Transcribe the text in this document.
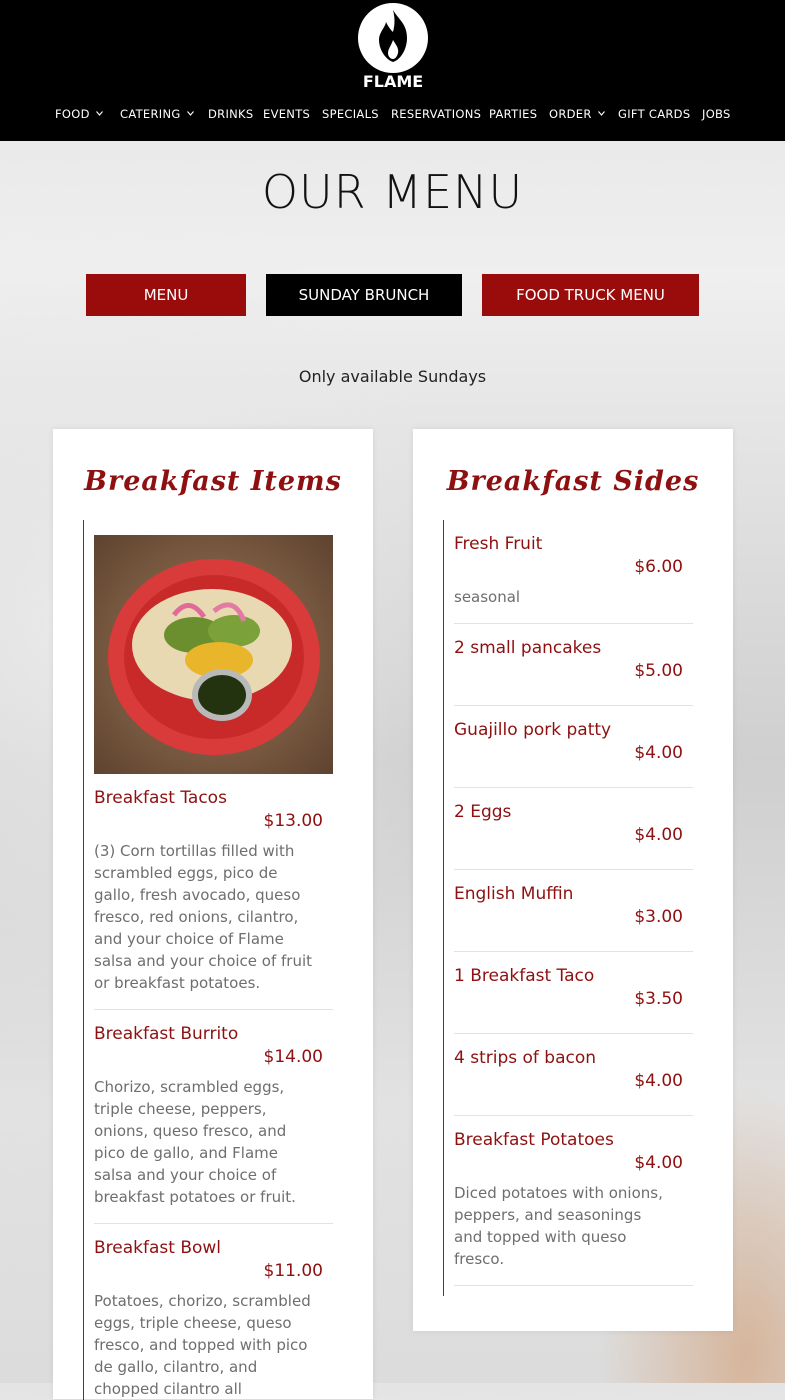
FLAME
FOOD	CATERING	DRINKS EVENTS SPECIALS RESERVATIONS PARTIES ORDER	GIFT CARDS JOBS
OUR MENU
MENU	SUNDAY BRUNCH	FOOD TRUCK MENU
Only available Sundays
Breakfast Items
Breakfast Tacos
$13.00
(3) Corn tortillas filled with
scrambled eggs, pico de
gallo, fresh avocado, queso
fresco, red onions, cilantro,
and your choice of Flame
salsa and your choice of fruit
or breakfast potatoes.
Breakfast Burrito
$14.00
Chorizo, scrambled eggs,
triple cheese, peppers,
onions, queso fresco, and
pico de gallo, and Flame
salsa and your choice of
breakfast potatoes or fruit.
Breakfast Bowl
$11.00
Potatoes, chorizo, scrambled
eggs, triple cheese, queso
fresco, and topped with pico
de gallo, cilantro, and
chopped cilantro all
Breakfast Sides
Fresh Fruit
$6.00
seasonal
2 small pancakes
$5.00
Guajillo pork patty
$4.00
2 Eggs
$4.00
English Muffin
$3.00
1 Breakfast Taco
$3.50
4 strips of bacon
$4.00
Breakfast Potatoes
$4.00
Diced potatoes with onions,
peppers, and seasonings
and topped with queso
fresco.
